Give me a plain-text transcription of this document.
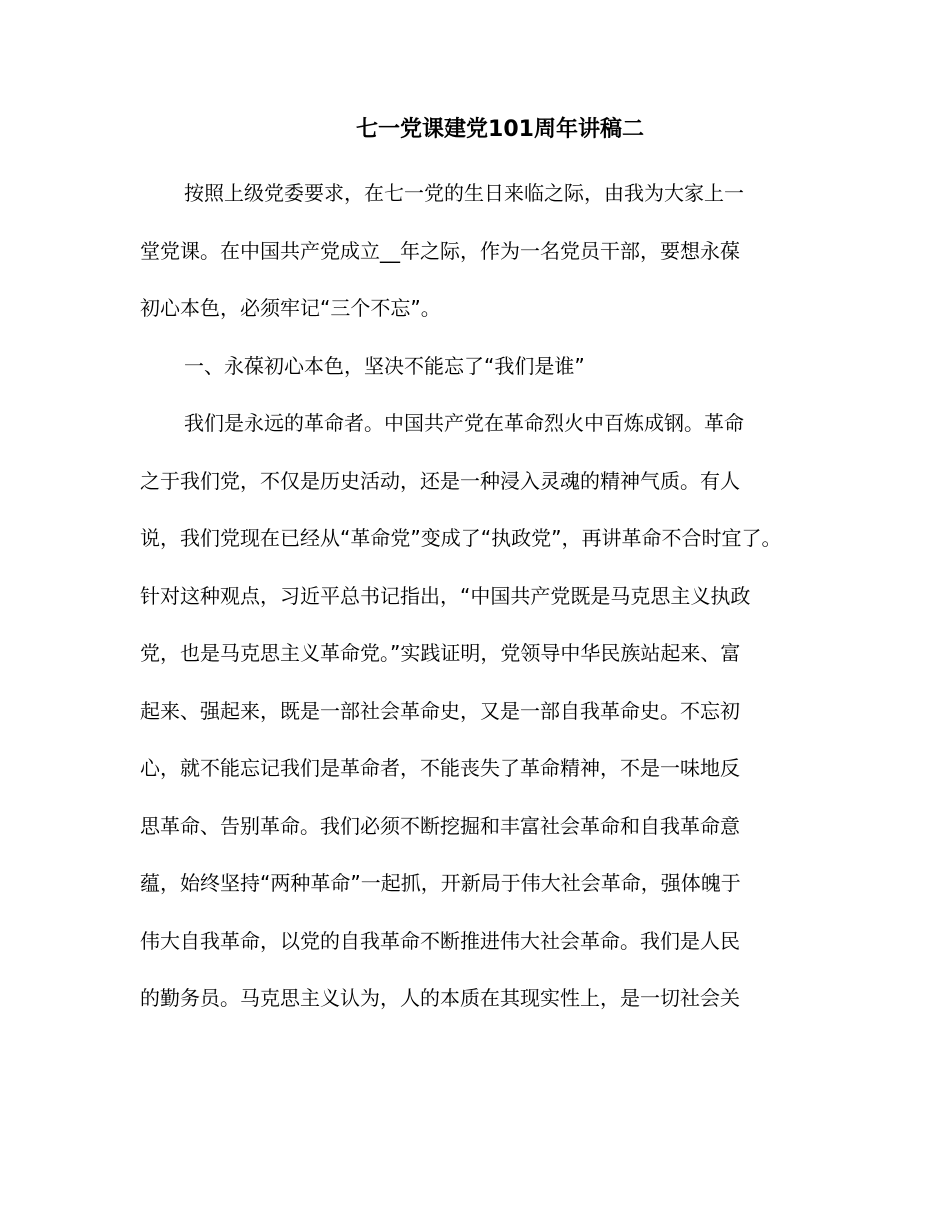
七一党课建党101周年讲稿二
按照上级党委要求，在七一党的生日来临之际，由我为大家上一
堂党课。在中国共产党成立__年之际，作为一名党员干部，要想永葆
初心本色，必须牢记“三个不忘”。
一、永葆初心本色，坚决不能忘了“我们是谁”
我们是永远的革命者。中国共产党在革命烈火中百炼成钢。革命
之于我们党，不仅是历史活动，还是一种浸入灵魂的精神气质。有人
说，我们党现在已经从“革命党”变成了“执政党”，再讲革命不合时宜了。
针对这种观点，习近平总书记指出，“中国共产党既是马克思主义执政
党，也是马克思主义革命党。”实践证明，党领导中华民族站起来、富
起来、强起来，既是一部社会革命史，又是一部自我革命史。不忘初
心，就不能忘记我们是革命者，不能丧失了革命精神，不是一味地反
思革命、告别革命。我们必须不断挖掘和丰富社会革命和自我革命意
蕴，始终坚持“两种革命”一起抓，开新局于伟大社会革命，强体魄于
伟大自我革命，以党的自我革命不断推进伟大社会革命。我们是人民
的勤务员。马克思主义认为，人的本质在其现实性上，是一切社会关
